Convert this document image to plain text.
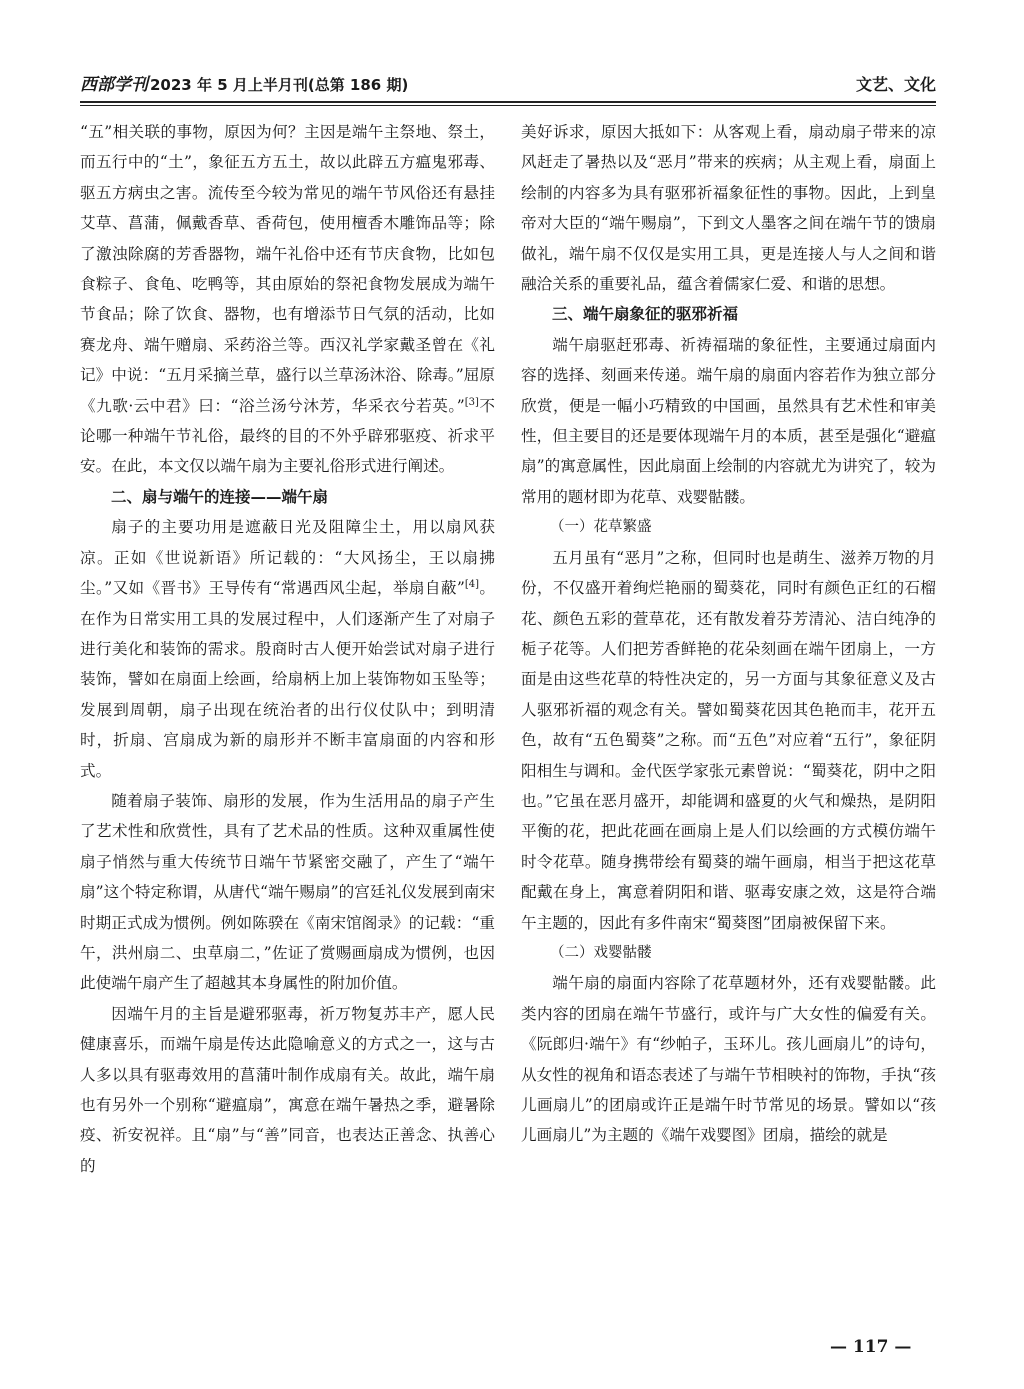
西部学刊 2023 年 5 月上半月刊(总第 186 期)	文艺、文化

“五”相关联的事物，原因为何？主因是端午主祭地、祭土，而五行中的“土”，象征五方五土，故以此辟五方瘟鬼邪毒、驱五方病虫之害。流传至今较为常见的端午节风俗还有悬挂艾草、菖蒲，佩戴香草、香荷包，使用檀香木雕饰品等；除了激浊除腐的芳香器物，端午礼俗中还有节庆食物，比如包食粽子、食龟、吃鸭等，其由原始的祭祀食物发展成为端午节食品；除了饮食、器物，也有增添节日气氛的活动，比如赛龙舟、端午赠扇、采药浴兰等。西汉礼学家戴圣曾在《礼记》中说：“五月采摘兰草，盛行以兰草汤沐浴、除毒。”屈原《九歌·云中君》曰：“浴兰汤兮沐芳，华采衣兮若英。”[3]不论哪一种端午节礼俗，最终的目的不外乎辟邪驱疫、祈求平安。在此，本文仅以端午扇为主要礼俗形式进行阐述。

二、扇与端午的连接——端午扇

扇子的主要功用是遮蔽日光及阻障尘土，用以扇风获凉。正如《世说新语》所记载的：“大风扬尘，王以扇拂尘。”又如《晋书》王导传有“常遇西风尘起，举扇自蔽”[4]。在作为日常实用工具的发展过程中，人们逐渐产生了对扇子进行美化和装饰的需求。殷商时古人便开始尝试对扇子进行装饰，譬如在扇面上绘画，给扇柄上加上装饰物如玉坠等；发展到周朝，扇子出现在统治者的出行仪仗队中；到明清时，折扇、宫扇成为新的扇形并不断丰富扇面的内容和形式。

随着扇子装饰、扇形的发展，作为生活用品的扇子产生了艺术性和欣赏性，具有了艺术品的性质。这种双重属性使扇子悄然与重大传统节日端午节紧密交融了，产生了“端午扇”这个特定称谓，从唐代“端午赐扇”的宫廷礼仪发展到南宋时期正式成为惯例。例如陈骙在《南宋馆阁录》的记载：“重午，洪州扇二、虫草扇二，”佐证了赏赐画扇成为惯例，也因此使端午扇产生了超越其本身属性的附加价值。

因端午月的主旨是避邪驱毒，祈万物复苏丰产，愿人民健康喜乐，而端午扇是传达此隐喻意义的方式之一，这与古人多以具有驱毒效用的菖蒲叶制作成扇有关。故此，端午扇也有另外一个别称“避瘟扇”，寓意在端午暑热之季，避暑除疫、祈安祝祥。且“扇”与“善”同音，也表达正善念、执善心的

美好诉求，原因大抵如下：从客观上看，扇动扇子带来的凉风赶走了暑热以及“恶月”带来的疾病；从主观上看，扇面上绘制的内容多为具有驱邪祈福象征性的事物。因此，上到皇帝对大臣的“端午赐扇”，下到文人墨客之间在端午节的馈扇做礼，端午扇不仅仅是实用工具，更是连接人与人之间和谐融洽关系的重要礼品，蕴含着儒家仁爱、和谐的思想。

三、端午扇象征的驱邪祈福

端午扇驱赶邪毒、祈祷福瑞的象征性，主要通过扇面内容的选择、刻画来传递。端午扇的扇面内容若作为独立部分欣赏，便是一幅小巧精致的中国画，虽然具有艺术性和审美性，但主要目的还是要体现端午月的本质，甚至是强化“避瘟扇”的寓意属性，因此扇面上绘制的内容就尤为讲究了，较为常用的题材即为花草、戏婴骷髅。

（一）花草繁盛

五月虽有“恶月”之称，但同时也是萌生、滋养万物的月份，不仅盛开着绚烂艳丽的蜀葵花，同时有颜色正红的石榴花、颜色五彩的萱草花，还有散发着芬芳清沁、洁白纯净的栀子花等。人们把芳香鲜艳的花朵刻画在端午团扇上，一方面是由这些花草的特性决定的，另一方面与其象征意义及古人驱邪祈福的观念有关。譬如蜀葵花因其色艳而丰，花开五色，故有“五色蜀葵”之称。而“五色”对应着“五行”，象征阴阳相生与调和。金代医学家张元素曾说：“蜀葵花，阴中之阳也。”它虽在恶月盛开，却能调和盛夏的火气和燥热，是阴阳平衡的花，把此花画在画扇上是人们以绘画的方式模仿端午时令花草。随身携带绘有蜀葵的端午画扇，相当于把这花草配戴在身上，寓意着阴阳和谐、驱毒安康之效，这是符合端午主题的，因此有多件南宋“蜀葵图”团扇被保留下来。

（二）戏婴骷髅

端午扇的扇面内容除了花草题材外，还有戏婴骷髅。此类内容的团扇在端午节盛行，或许与广大女性的偏爱有关。《阮郎归·端午》有“纱帕子，玉环儿。孩儿画扇儿”的诗句，从女性的视角和语态表述了与端午节相映衬的饰物，手执“孩儿画扇儿”的团扇或许正是端午时节常见的场景。譬如以“孩儿画扇儿”为主题的《端午戏婴图》团扇，描绘的就是

— 117 —
